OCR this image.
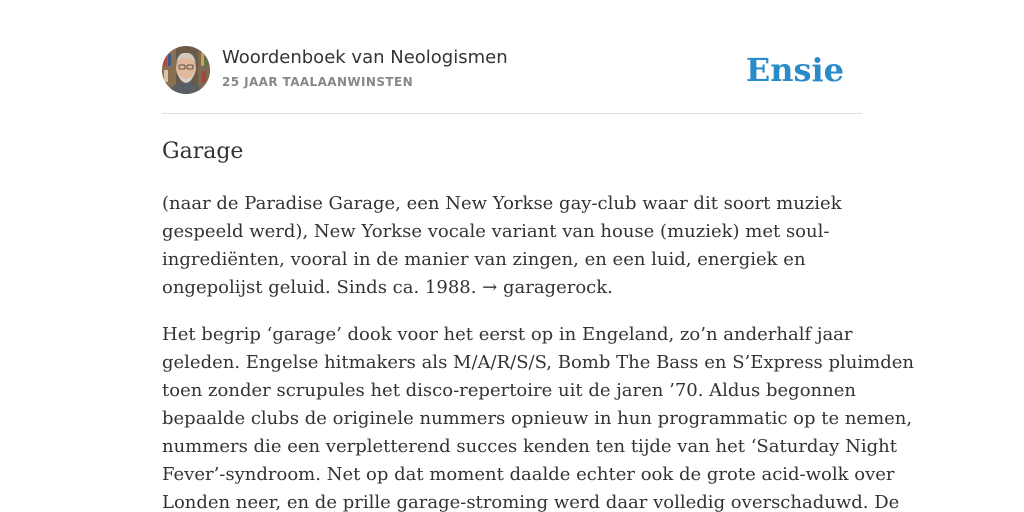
Woordenboek van Neologismen
25 JAAR TAALAANWINSTEN	Ensie
Garage
(naar de Paradise Garage, een New Yorkse gay-club waar dit soort muziek
gespeeld werd), New Yorkse vocale variant van house (muziek) met soul-
ingrediënten, vooral in de manier van zingen, en een luid, energiek en
ongepolijst geluid. Sinds ca. 1988. → garagerock.
Het begrip ‘garage’ dook voor het eerst op in Engeland, zo’n anderhalf jaar
geleden. Engelse hitmakers als M/A/R/S/S, Bomb The Bass en S’Express pluimden
toen zonder scrupules het disco-repertoire uit de jaren ’70. Aldus begonnen
bepaalde clubs de originele nummers opnieuw in hun programmatic op te nemen,
nummers die een verpletterend succes kenden ten tijde van het ‘Saturday Night
Fever’-syndroom. Net op dat moment daalde echter ook de grote acid-wolk over
Londen neer, en de prille garage-stroming werd daar volledig overschaduwd. De
